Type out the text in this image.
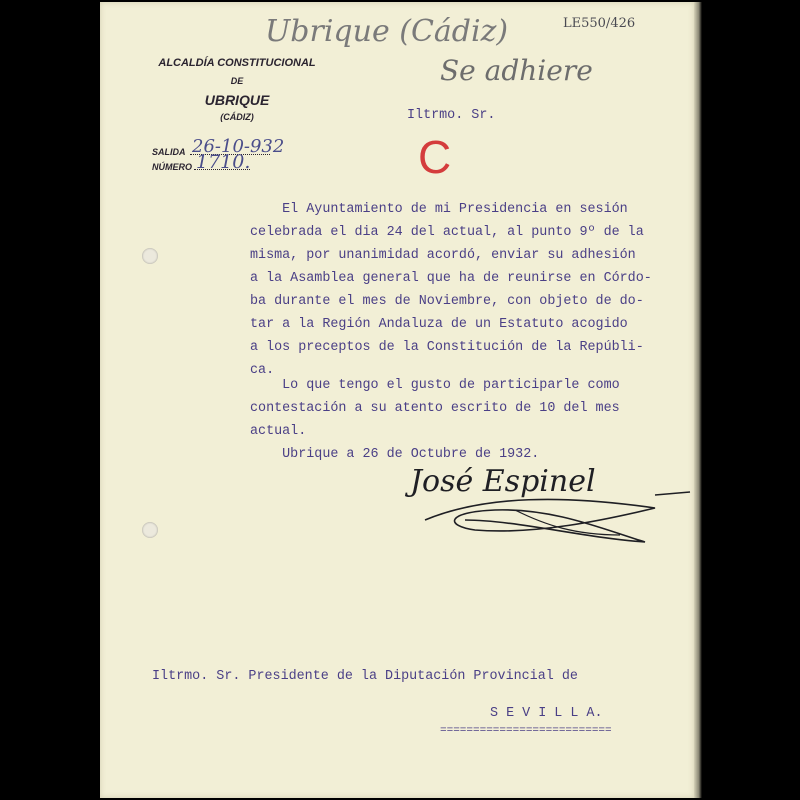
Ubrique (Cádiz)	LE550/426
Se adhiere
ALCALDÍA CONSTITUCIONAL
DE
UBRIQUE
(CÁDIZ)
SALIDA 26-10-932
NÚMERO 1710.
Iltrmo. Sr.
C
El Ayuntamiento de mi Presidencia en sesión
celebrada el dia 24 del actual, al punto 9º de la
misma, por unanimidad acordó, enviar su adhesión
a la Asamblea general que ha de reunirse en Córdo-
ba durante el mes de Noviembre, con objeto de do-
tar a la Región Andaluza de un Estatuto acogido
a los preceptos de la Constitución de la Repúbli-
ca.
Lo que tengo el gusto de participarle como
contestación a su atento escrito de 10 del mes
actual.
Ubrique a 26 de Octubre de 1932.
José Espinel
Iltrmo. Sr. Presidente de la Diputación Provincial de
S E V I L L A.
==========================
